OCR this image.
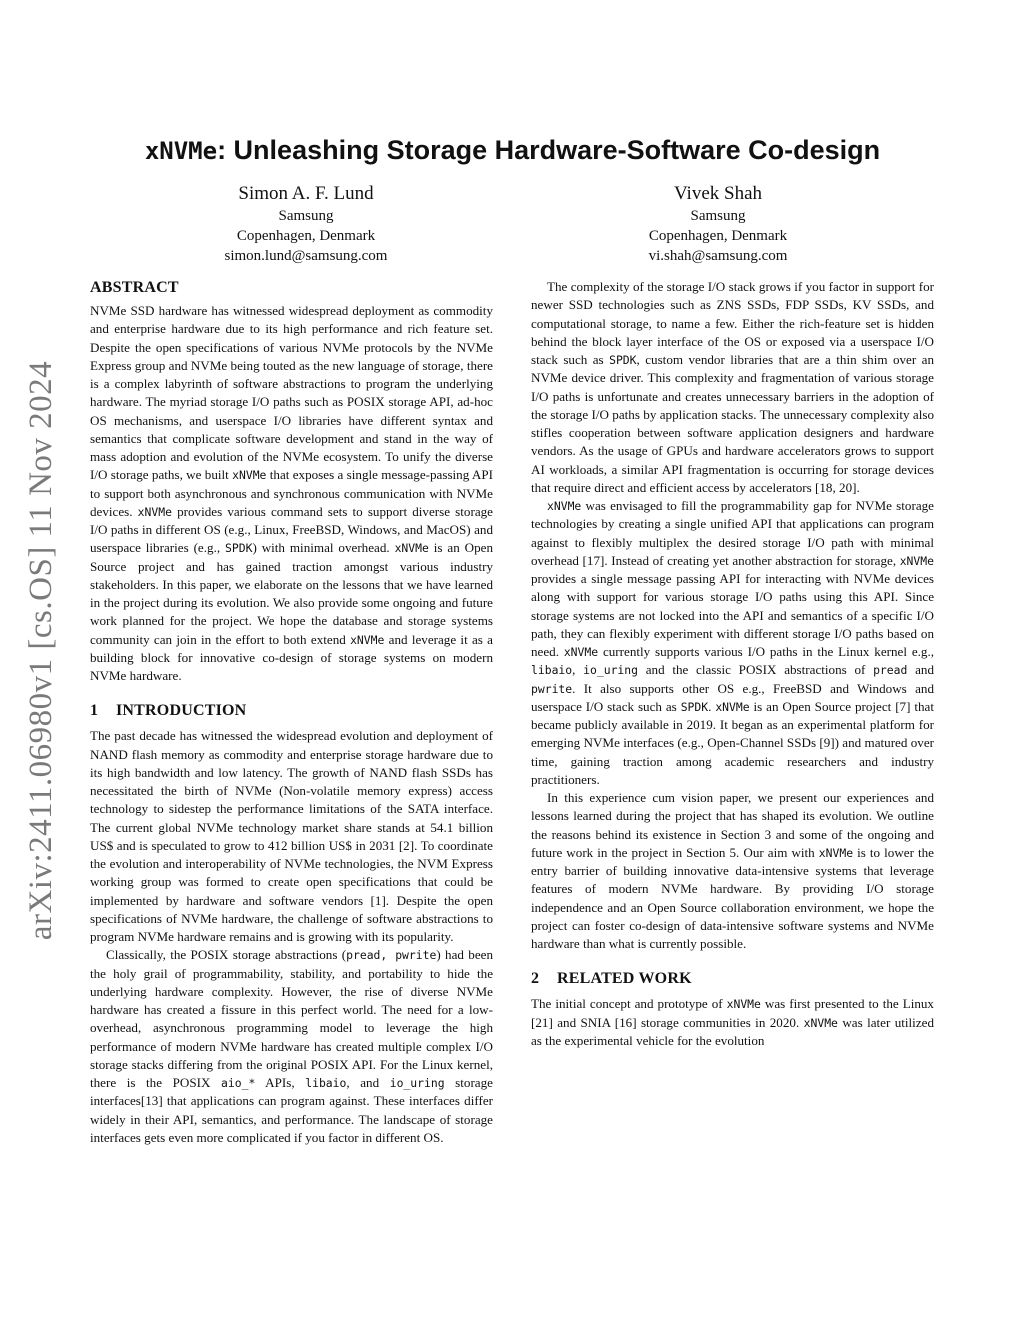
arXiv:2411.06980v1 [cs.OS] 11 Nov 2024
xNVMe: Unleashing Storage Hardware-Software Co-design
Simon A. F. Lund
Samsung
Copenhagen, Denmark
simon.lund@samsung.com
Vivek Shah
Samsung
Copenhagen, Denmark
vi.shah@samsung.com
ABSTRACT

NVMe SSD hardware has witnessed widespread deployment as commodity and enterprise hardware due to its high performance and rich feature set. Despite the open specifications of various NVMe protocols by the NVMe Express group and NVMe being touted as the new language of storage, there is a complex labyrinth of software abstractions to program the underlying hardware. The myriad storage I/O paths such as POSIX storage API, ad-hoc OS mechanisms, and userspace I/O libraries have different syntax and semantics that complicate software development and stand in the way of mass adoption and evolution of the NVMe ecosystem. To unify the diverse I/O storage paths, we built xNVMe that exposes a single message-passing API to support both asynchronous and synchronous communication with NVMe devices. xNVMe provides various command sets to support diverse storage I/O paths in different OS (e.g., Linux, FreeBSD, Windows, and MacOS) and userspace libraries (e.g., SPDK) with minimal overhead. xNVMe is an Open Source project and has gained traction amongst various industry stakeholders. In this paper, we elaborate on the lessons that we have learned in the project during its evolution. We also provide some ongoing and future work planned for the project. We hope the database and storage systems community can join in the effort to both extend xNVMe and leverage it as a building block for innovative co-design of storage systems on modern NVMe hardware.

1 INTRODUCTION

The past decade has witnessed the widespread evolution and deployment of NAND flash memory as commodity and enterprise storage hardware due to its high bandwidth and low latency. The growth of NAND flash SSDs has necessitated the birth of NVMe (Non-volatile memory express) access technology to sidestep the performance limitations of the SATA interface. The current global NVMe technology market share stands at 54.1 billion US$ and is speculated to grow to 412 billion US$ in 2031 [2]. To coordinate the evolution and interoperability of NVMe technologies, the NVM Express working group was formed to create open specifications that could be implemented by hardware and software vendors [1]. Despite the open specifications of NVMe hardware, the challenge of software abstractions to program NVMe hardware remains and is growing with its popularity.

Classically, the POSIX storage abstractions (pread, pwrite) had been the holy grail of programmability, stability, and portability to hide the underlying hardware complexity. However, the rise of diverse NVMe hardware has created a fissure in this perfect world. The need for a low-overhead, asynchronous programming model to leverage the high performance of modern NVMe hardware has created multiple complex I/O storage stacks differing from the original POSIX API. For the Linux kernel, there is the POSIX aio_* APIs, libaio, and io_uring storage interfaces[13] that applications can program against. These interfaces differ widely in their API, semantics, and performance. The landscape of storage interfaces gets even more complicated if you factor in different OS.

The complexity of the storage I/O stack grows if you factor in support for newer SSD technologies such as ZNS SSDs, FDP SSDs, KV SSDs, and computational storage, to name a few. Either the rich-feature set is hidden behind the block layer interface of the OS or exposed via a userspace I/O stack such as SPDK, custom vendor libraries that are a thin shim over an NVMe device driver. This complexity and fragmentation of various storage I/O paths is unfortunate and creates unnecessary barriers in the adoption of the storage I/O paths by application stacks. The unnecessary complexity also stifles cooperation between software application designers and hardware vendors. As the usage of GPUs and hardware accelerators grows to support AI workloads, a similar API fragmentation is occurring for storage devices that require direct and efficient access by accelerators [18, 20].

xNVMe was envisaged to fill the programmability gap for NVMe storage technologies by creating a single unified API that applications can program against to flexibly multiplex the desired storage I/O path with minimal overhead [17]. Instead of creating yet another abstraction for storage, xNVMe provides a single message passing API for interacting with NVMe devices along with support for various storage I/O paths using this API. Since storage systems are not locked into the API and semantics of a specific I/O path, they can flexibly experiment with different storage I/O paths based on need. xNVMe currently supports various I/O paths in the Linux kernel e.g., libaio, io_uring and the classic POSIX abstractions of pread and pwrite. It also supports other OS e.g., FreeBSD and Windows and userspace I/O stack such as SPDK. xNVMe is an Open Source project [7] that became publicly available in 2019. It began as an experimental platform for emerging NVMe interfaces (e.g., Open-Channel SSDs [9]) and matured over time, gaining traction among academic researchers and industry practitioners.

In this experience cum vision paper, we present our experiences and lessons learned during the project that has shaped its evolution. We outline the reasons behind its existence in Section 3 and some of the ongoing and future work in the project in Section 5. Our aim with xNVMe is to lower the entry barrier of building innovative data-intensive systems that leverage features of modern NVMe hardware. By providing I/O storage independence and an Open Source collaboration environment, we hope the project can foster co-design of data-intensive software systems and NVMe hardware than what is currently possible.

2 RELATED WORK

The initial concept and prototype of xNVMe was first presented to the Linux [21] and SNIA [16] storage communities in 2020. xNVMe was later utilized as the experimental vehicle for the evolution
